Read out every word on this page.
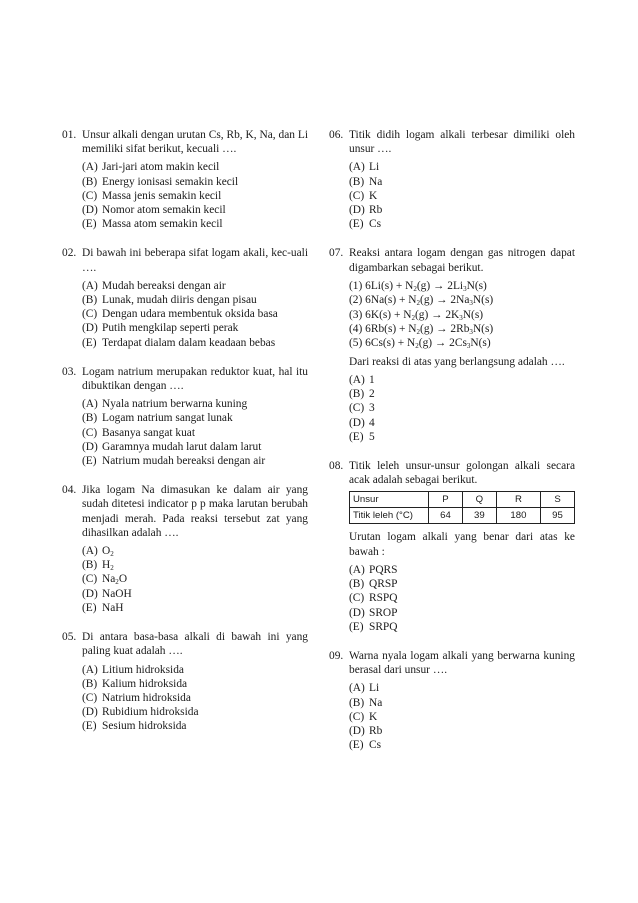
01. Unsur alkali dengan urutan Cs, Rb, K, Na, dan Li memiliki sifat berikut, kecuali ….
(A) Jari-jari atom makin kecil
(B) Energy ionisasi semakin kecil
(C) Massa jenis semakin kecil
(D) Nomor atom semakin kecil
(E) Massa atom semakin kecil
02. Di bawah ini beberapa sifat logam akali, kec-uali ….
(A) Mudah bereaksi dengan air
(B) Lunak, mudah diiris dengan pisau
(C) Dengan udara membentuk oksida basa
(D) Putih mengkilap seperti perak
(E) Terdapat dialam dalam keadaan bebas
03. Logam natrium merupakan reduktor kuat, hal itu dibuktikan dengan ….
(A) Nyala natrium berwarna kuning
(B) Logam natrium sangat lunak
(C) Basanya sangat kuat
(D) Garamnya mudah larut dalam larut
(E) Natrium mudah bereaksi dengan air
04. Jika logam Na dimasukan ke dalam air yang sudah ditetesi indicator p p maka larutan berubah menjadi merah. Pada reaksi tersebut zat yang dihasilkan adalah ….
(A) $O_2$
(B) $H_2$
(C) $Na_2O$
(D) NaOH
(E) NaH
05. Di antara basa-basa alkali di bawah ini yang paling kuat adalah ….
(A) Litium hidroksida
(B) Kalium hidroksida
(C) Natrium hidroksida
(D) Rubidium hidroksida
(E) Sesium hidroksida
06. Titik didih logam alkali terbesar dimiliki oleh unsur ….
(A) Li
(B) Na
(C) K
(D) Rb
(E) Cs
07. Reaksi antara logam dengan gas nitrogen dapat digambarkan sebagai berikut.
(1) $6Li(s) + N_2(g) \to 2Li_3N(s)$
(2) $6Na(s) + N_2(g) \to 2Na_3N(s)$
(3) $6K(s) + N_2(g) \to 2K_3N(s)$
(4) $6Rb(s) + N_2(g) \to 2Rb_3N(s)$
(5) $6Cs(s) + N_2(g) \to 2Cs_3N(s)$
Dari reaksi di atas yang berlangsung adalah ….
(A) 1
(B) 2
(C) 3
(D) 4
(E) 5
08. Titik leleh unsur-unsur golongan alkali secara acak adalah sebagai berikut.
Unsur	P	Q	R	S
Titik leleh (°C)	64	39	180	95
Urutan logam alkali yang benar dari atas ke bawah :
(A) PQRS
(B) QRSP
(C) RSPQ
(D) SROP
(E) SRPQ
09. Warna nyala logam alkali yang berwarna kuning berasal dari unsur ….
(A) Li
(B) Na
(C) K
(D) Rb
(E) Cs
